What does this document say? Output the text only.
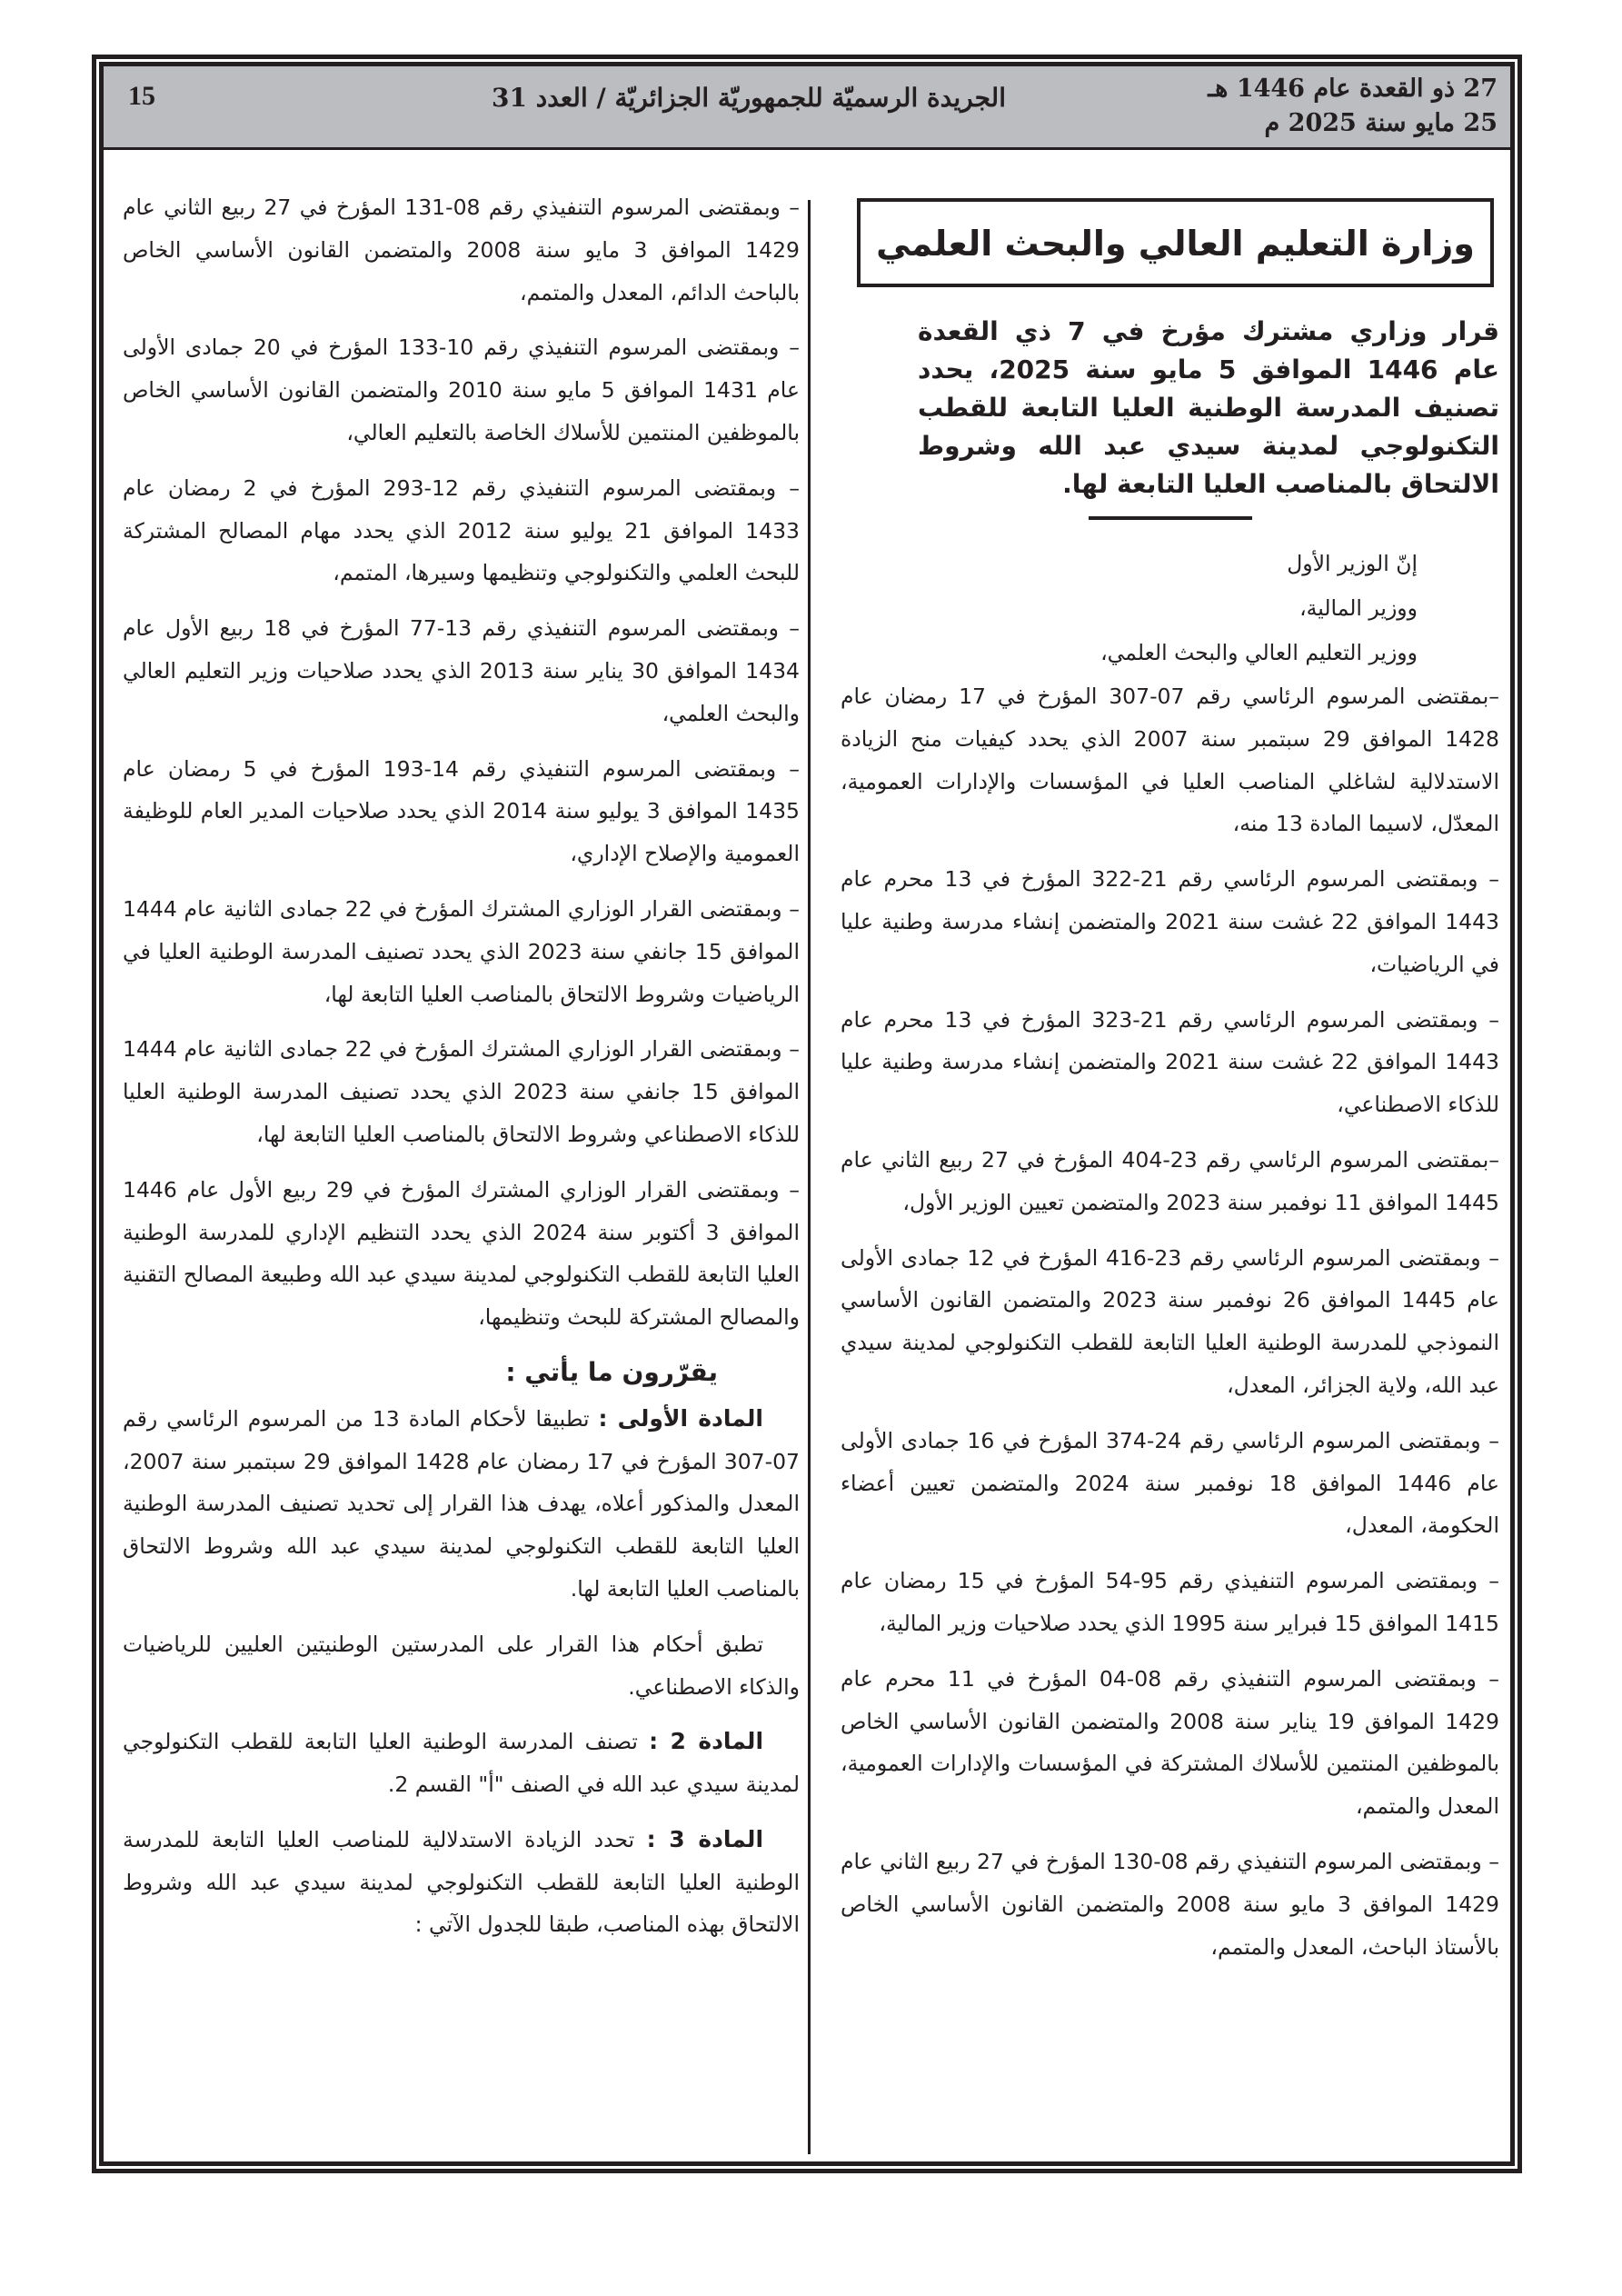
27 ذو القعدة عام 1446 هـ
25 مايو سنة 2025 م
الجريدة الرسميّة للجمهوريّة الجزائريّة / العدد 31
15
وزارة التعليم العالي والبحث العلمي
قرار وزاري مشترك مؤرخ في 7 ذي القعدة عام 1446 الموافق 5 مايو سنة 2025، يحدد تصنيف المدرسة الوطنية العليا التابعة للقطب التكنولوجي لمدينة سيدي عبد الله وشروط الالتحاق بالمناصب العليا التابعة لها.
إنّ الوزير الأول
ووزير المالية،
ووزير التعليم العالي والبحث العلمي،

–بمقتضى المرسوم الرئاسي رقم 07-307 المؤرخ في 17 رمضان عام 1428 الموافق 29 سبتمبر سنة 2007 الذي يحدد كيفيات منح الزيادة الاستدلالية لشاغلي المناصب العليا في المؤسسات والإدارات العمومية، المعدّل، لاسيما المادة 13 منه،

– وبمقتضى المرسوم الرئاسي رقم 21-322 المؤرخ في 13 محرم عام 1443 الموافق 22 غشت سنة 2021 والمتضمن إنشاء مدرسة وطنية عليا في الرياضيات،

– وبمقتضى المرسوم الرئاسي رقم 21-323 المؤرخ في 13 محرم عام 1443 الموافق 22 غشت سنة 2021 والمتضمن إنشاء مدرسة وطنية عليا للذكاء الاصطناعي،

–بمقتضى المرسوم الرئاسي رقم 23-404 المؤرخ في 27 ربيع الثاني عام 1445 الموافق 11 نوفمبر سنة 2023 والمتضمن تعيين الوزير الأول،

– وبمقتضى المرسوم الرئاسي رقم 23-416 المؤرخ في 12 جمادى الأولى عام 1445 الموافق 26 نوفمبر سنة 2023 والمتضمن القانون الأساسي النموذجي للمدرسة الوطنية العليا التابعة للقطب التكنولوجي لمدينة سيدي عبد الله، ولاية الجزائر، المعدل،

– وبمقتضى المرسوم الرئاسي رقم 24-374 المؤرخ في 16 جمادى الأولى عام 1446 الموافق 18 نوفمبر سنة 2024 والمتضمن تعيين أعضاء الحكومة، المعدل،

– وبمقتضى المرسوم التنفيذي رقم 95-54 المؤرخ في 15 رمضان عام 1415 الموافق 15 فبراير سنة 1995 الذي يحدد صلاحيات وزير المالية،

– وبمقتضى المرسوم التنفيذي رقم 08-04 المؤرخ في 11 محرم عام 1429 الموافق 19 يناير سنة 2008 والمتضمن القانون الأساسي الخاص بالموظفين المنتمين للأسلاك المشتركة في المؤسسات والإدارات العمومية، المعدل والمتمم،

– وبمقتضى المرسوم التنفيذي رقم 08-130 المؤرخ في 27 ربيع الثاني عام 1429 الموافق 3 مايو سنة 2008 والمتضمن القانون الأساسي الخاص بالأستاذ الباحث، المعدل والمتمم،

– وبمقتضى المرسوم التنفيذي رقم 08-131 المؤرخ في 27 ربيع الثاني عام 1429 الموافق 3 مايو سنة 2008 والمتضمن القانون الأساسي الخاص بالباحث الدائم، المعدل والمتمم،

– وبمقتضى المرسوم التنفيذي رقم 10-133 المؤرخ في 20 جمادى الأولى عام 1431 الموافق 5 مايو سنة 2010 والمتضمن القانون الأساسي الخاص بالموظفين المنتمين للأسلاك الخاصة بالتعليم العالي،

– وبمقتضى المرسوم التنفيذي رقم 12-293 المؤرخ في 2 رمضان عام 1433 الموافق 21 يوليو سنة 2012 الذي يحدد مهام المصالح المشتركة للبحث العلمي والتكنولوجي وتنظيمها وسيرها، المتمم،

– وبمقتضى المرسوم التنفيذي رقم 13-77 المؤرخ في 18 ربيع الأول عام 1434 الموافق 30 يناير سنة 2013 الذي يحدد صلاحيات وزير التعليم العالي والبحث العلمي،

– وبمقتضى المرسوم التنفيذي رقم 14-193 المؤرخ في 5 رمضان عام 1435 الموافق 3 يوليو سنة 2014 الذي يحدد صلاحيات المدير العام للوظيفة العمومية والإصلاح الإداري،

– وبمقتضى القرار الوزاري المشترك المؤرخ في 22 جمادى الثانية عام 1444 الموافق 15 جانفي سنة 2023 الذي يحدد تصنيف المدرسة الوطنية العليا في الرياضيات وشروط الالتحاق بالمناصب العليا التابعة لها،

– وبمقتضى القرار الوزاري المشترك المؤرخ في 22 جمادى الثانية عام 1444 الموافق 15 جانفي سنة 2023 الذي يحدد تصنيف المدرسة الوطنية العليا للذكاء الاصطناعي وشروط الالتحاق بالمناصب العليا التابعة لها،

– وبمقتضى القرار الوزاري المشترك المؤرخ في 29 ربيع الأول عام 1446 الموافق 3 أكتوبر سنة 2024 الذي يحدد التنظيم الإداري للمدرسة الوطنية العليا التابعة للقطب التكنولوجي لمدينة سيدي عبد الله وطبيعة المصالح التقنية والمصالح المشتركة للبحث وتنظيمها،

يقرّرون ما يأتي :

المادة الأولى : تطبيقا لأحكام المادة 13 من المرسوم الرئاسي رقم 07-307 المؤرخ في 17 رمضان عام 1428 الموافق 29 سبتمبر سنة 2007، المعدل والمذكور أعلاه، يهدف هذا القرار إلى تحديد تصنيف المدرسة الوطنية العليا التابعة للقطب التكنولوجي لمدينة سيدي عبد الله وشروط الالتحاق بالمناصب العليا التابعة لها.

تطبق أحكام هذا القرار على المدرستين الوطنيتين العليين للرياضيات والذكاء الاصطناعي.

المادة 2 : تصنف المدرسة الوطنية العليا التابعة للقطب التكنولوجي لمدينة سيدي عبد الله في الصنف "أ" القسم 2.

المادة 3 : تحدد الزيادة الاستدلالية للمناصب العليا التابعة للمدرسة الوطنية العليا التابعة للقطب التكنولوجي لمدينة سيدي عبد الله وشروط الالتحاق بهذه المناصب، طبقا للجدول الآتي :
